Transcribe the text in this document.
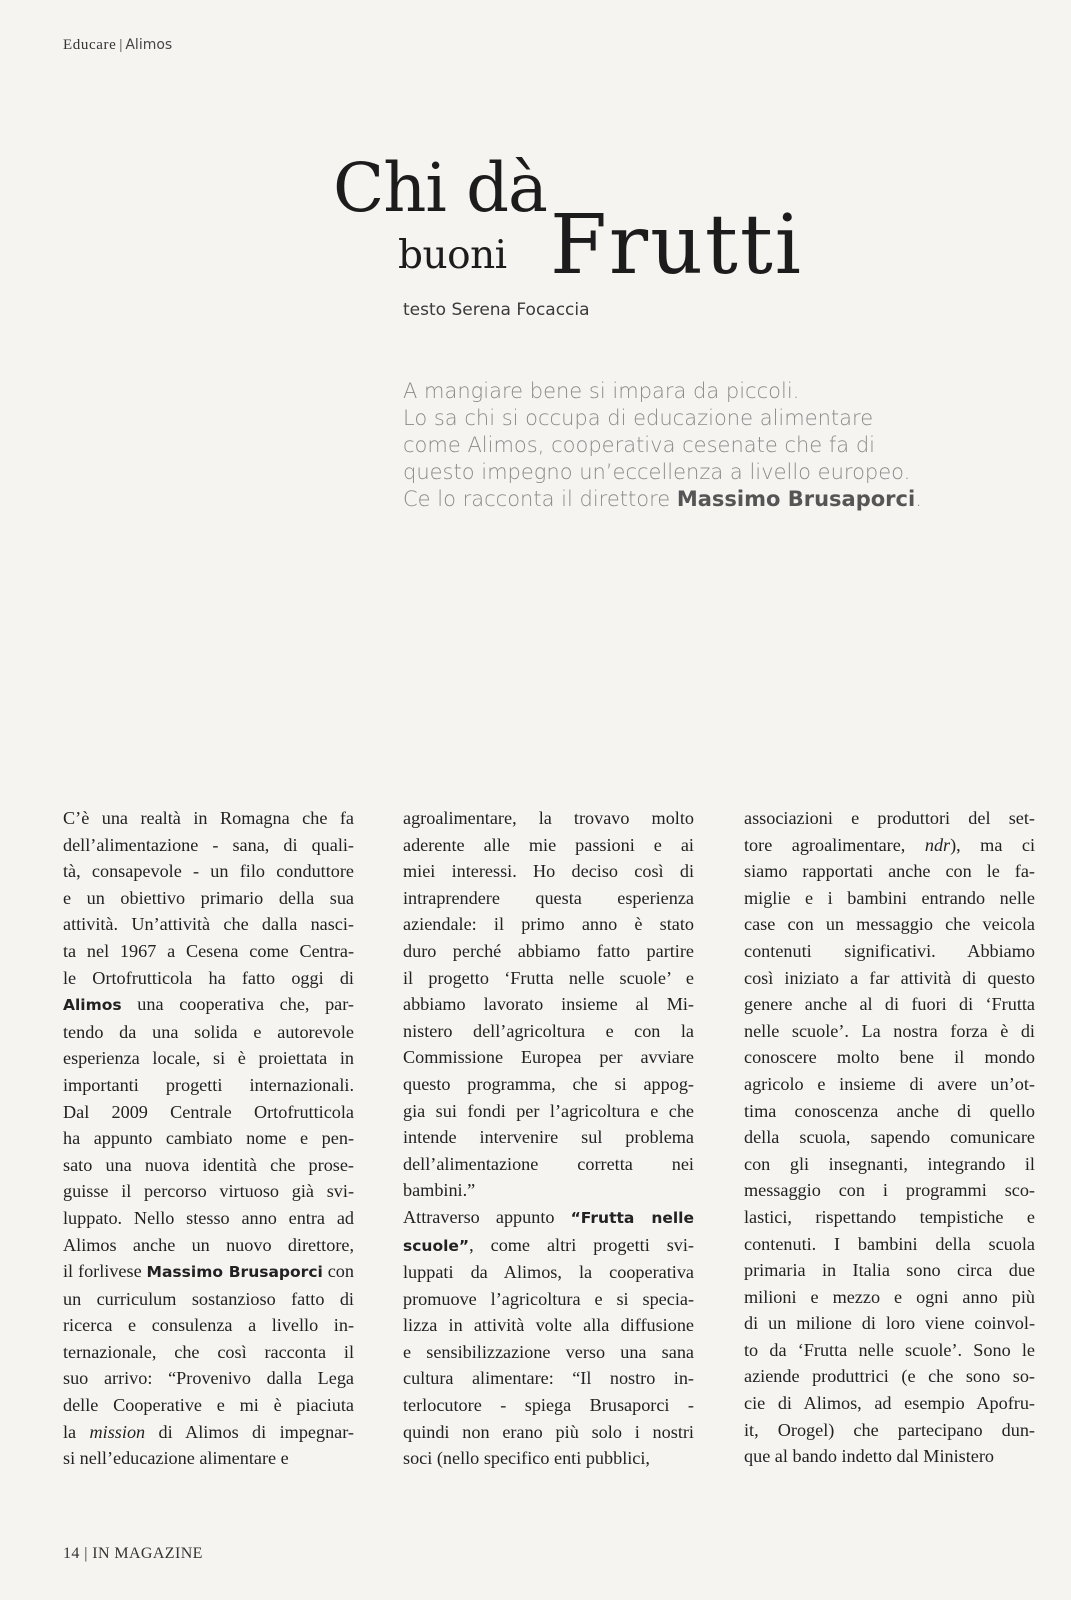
Educare | Alimos
Chi dà
buoni Frutti
testo Serena Focaccia
A mangiare bene si impara da piccoli.
Lo sa chi si occupa di educazione alimentare
come Alimos, cooperativa cesenate che fa di
questo impegno un’eccellenza a livello europeo.
Ce lo racconta il direttore Massimo Brusaporci.
C’è una realtà in Romagna che fa
dell’alimentazione - sana, di quali-
tà, consapevole - un filo conduttore
e un obiettivo primario della sua
attività. Un’attività che dalla nasci-
ta nel 1967 a Cesena come Centra-
le Ortofrutticola ha fatto oggi di
Alimos una cooperativa che, par-
tendo da una solida e autorevole
esperienza locale, si è proiettata in
importanti progetti internazionali.
Dal 2009 Centrale Ortofrutticola
ha appunto cambiato nome e pen-
sato una nuova identità che prose-
guisse il percorso virtuoso già svi-
luppato. Nello stesso anno entra ad
Alimos anche un nuovo direttore,
il forlivese Massimo Brusaporci con
un curriculum sostanzioso fatto di
ricerca e consulenza a livello in-
ternazionale, che così racconta il
suo arrivo: “Provenivo dalla Lega
delle Cooperative e mi è piaciuta
la mission di Alimos di impegnar-
si nell’educazione alimentare e
agroalimentare, la trovavo molto
aderente alle mie passioni e ai
miei interessi. Ho deciso così di
intraprendere questa esperienza
aziendale: il primo anno è stato
duro perché abbiamo fatto partire
il progetto ‘Frutta nelle scuole’ e
abbiamo lavorato insieme al Mi-
nistero dell’agricoltura e con la
Commissione Europea per avviare
questo programma, che si appog-
gia sui fondi per l’agricoltura e che
intende intervenire sul problema
dell’alimentazione corretta nei
bambini.”
Attraverso appunto “Frutta nelle
scuole”, come altri progetti svi-
luppati da Alimos, la cooperativa
promuove l’agricoltura e si specia-
lizza in attività volte alla diffusione
e sensibilizzazione verso una sana
cultura alimentare: “Il nostro in-
terlocutore - spiega Brusaporci -
quindi non erano più solo i nostri
soci (nello specifico enti pubblici,
associazioni e produttori del set-
tore agroalimentare, ndr), ma ci
siamo rapportati anche con le fa-
miglie e i bambini entrando nelle
case con un messaggio che veicola
contenuti significativi. Abbiamo
così iniziato a far attività di questo
genere anche al di fuori di ‘Frutta
nelle scuole’. La nostra forza è di
conoscere molto bene il mondo
agricolo e insieme di avere un’ot-
tima conoscenza anche di quello
della scuola, sapendo comunicare
con gli insegnanti, integrando il
messaggio con i programmi sco-
lastici, rispettando tempistiche e
contenuti. I bambini della scuola
primaria in Italia sono circa due
milioni e mezzo e ogni anno più
di un milione di loro viene coinvol-
to da ‘Frutta nelle scuole’. Sono le
aziende produttrici (e che sono so-
cie di Alimos, ad esempio Apofru-
it, Orogel) che partecipano dun-
que al bando indetto dal Ministero
14 | IN MAGAZINE
